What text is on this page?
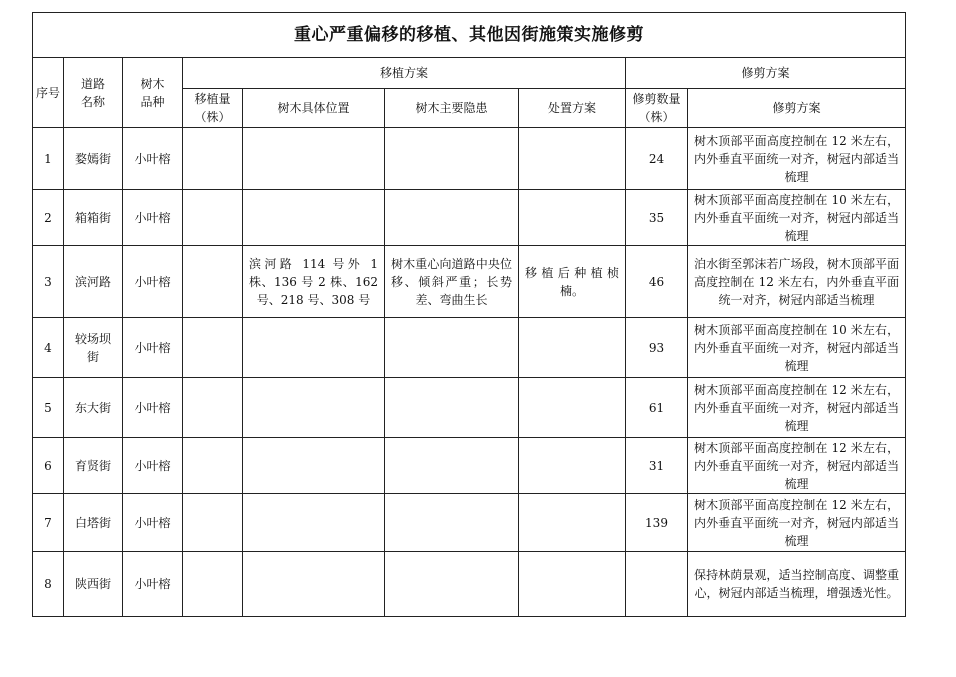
重心严重偏移的移植、其他因街施策实施修剪								
序号	道路名称	树木品种	移植方案				修剪方案	
			移植量（株）	树木具体位置	树木主要隐患	处置方案	修剪数量（株）	修剪方案
1	婺嫣街	小叶榕					24	树木顶部平面高度控制在 12 米左右，内外垂直平面统一对齐，树冠内部适当梳理
2	箱箱街	小叶榕					35	树木顶部平面高度控制在 10 米左右，内外垂直平面统一对齐，树冠内部适当梳理
3	滨河路	小叶榕		滨河路 114 号外 1 株、136 号 2 株、162 号、218 号、308 号	树木重心向道路中央位移、倾斜严重；长势差、弯曲生长	移植后种植桢楠。	46	泊水街至郭沫若广场段，树木顶部平面高度控制在 12 米左右，内外垂直平面统一对齐，树冠内部适当梳理
4	较场坝街	小叶榕					93	树木顶部平面高度控制在 10 米左右，内外垂直平面统一对齐，树冠内部适当梳理
5	东大街	小叶榕					61	树木顶部平面高度控制在 12 米左右，内外垂直平面统一对齐，树冠内部适当梳理
6	育贤街	小叶榕					31	树木顶部平面高度控制在 12 米左右，内外垂直平面统一对齐，树冠内部适当梳理
7	白塔街	小叶榕					139	树木顶部平面高度控制在 12 米左右，内外垂直平面统一对齐，树冠内部适当梳理
8	陕西街	小叶榕						保持林荫景观，适当控制高度、调整重心，树冠内部适当梳理，增强透光性。
